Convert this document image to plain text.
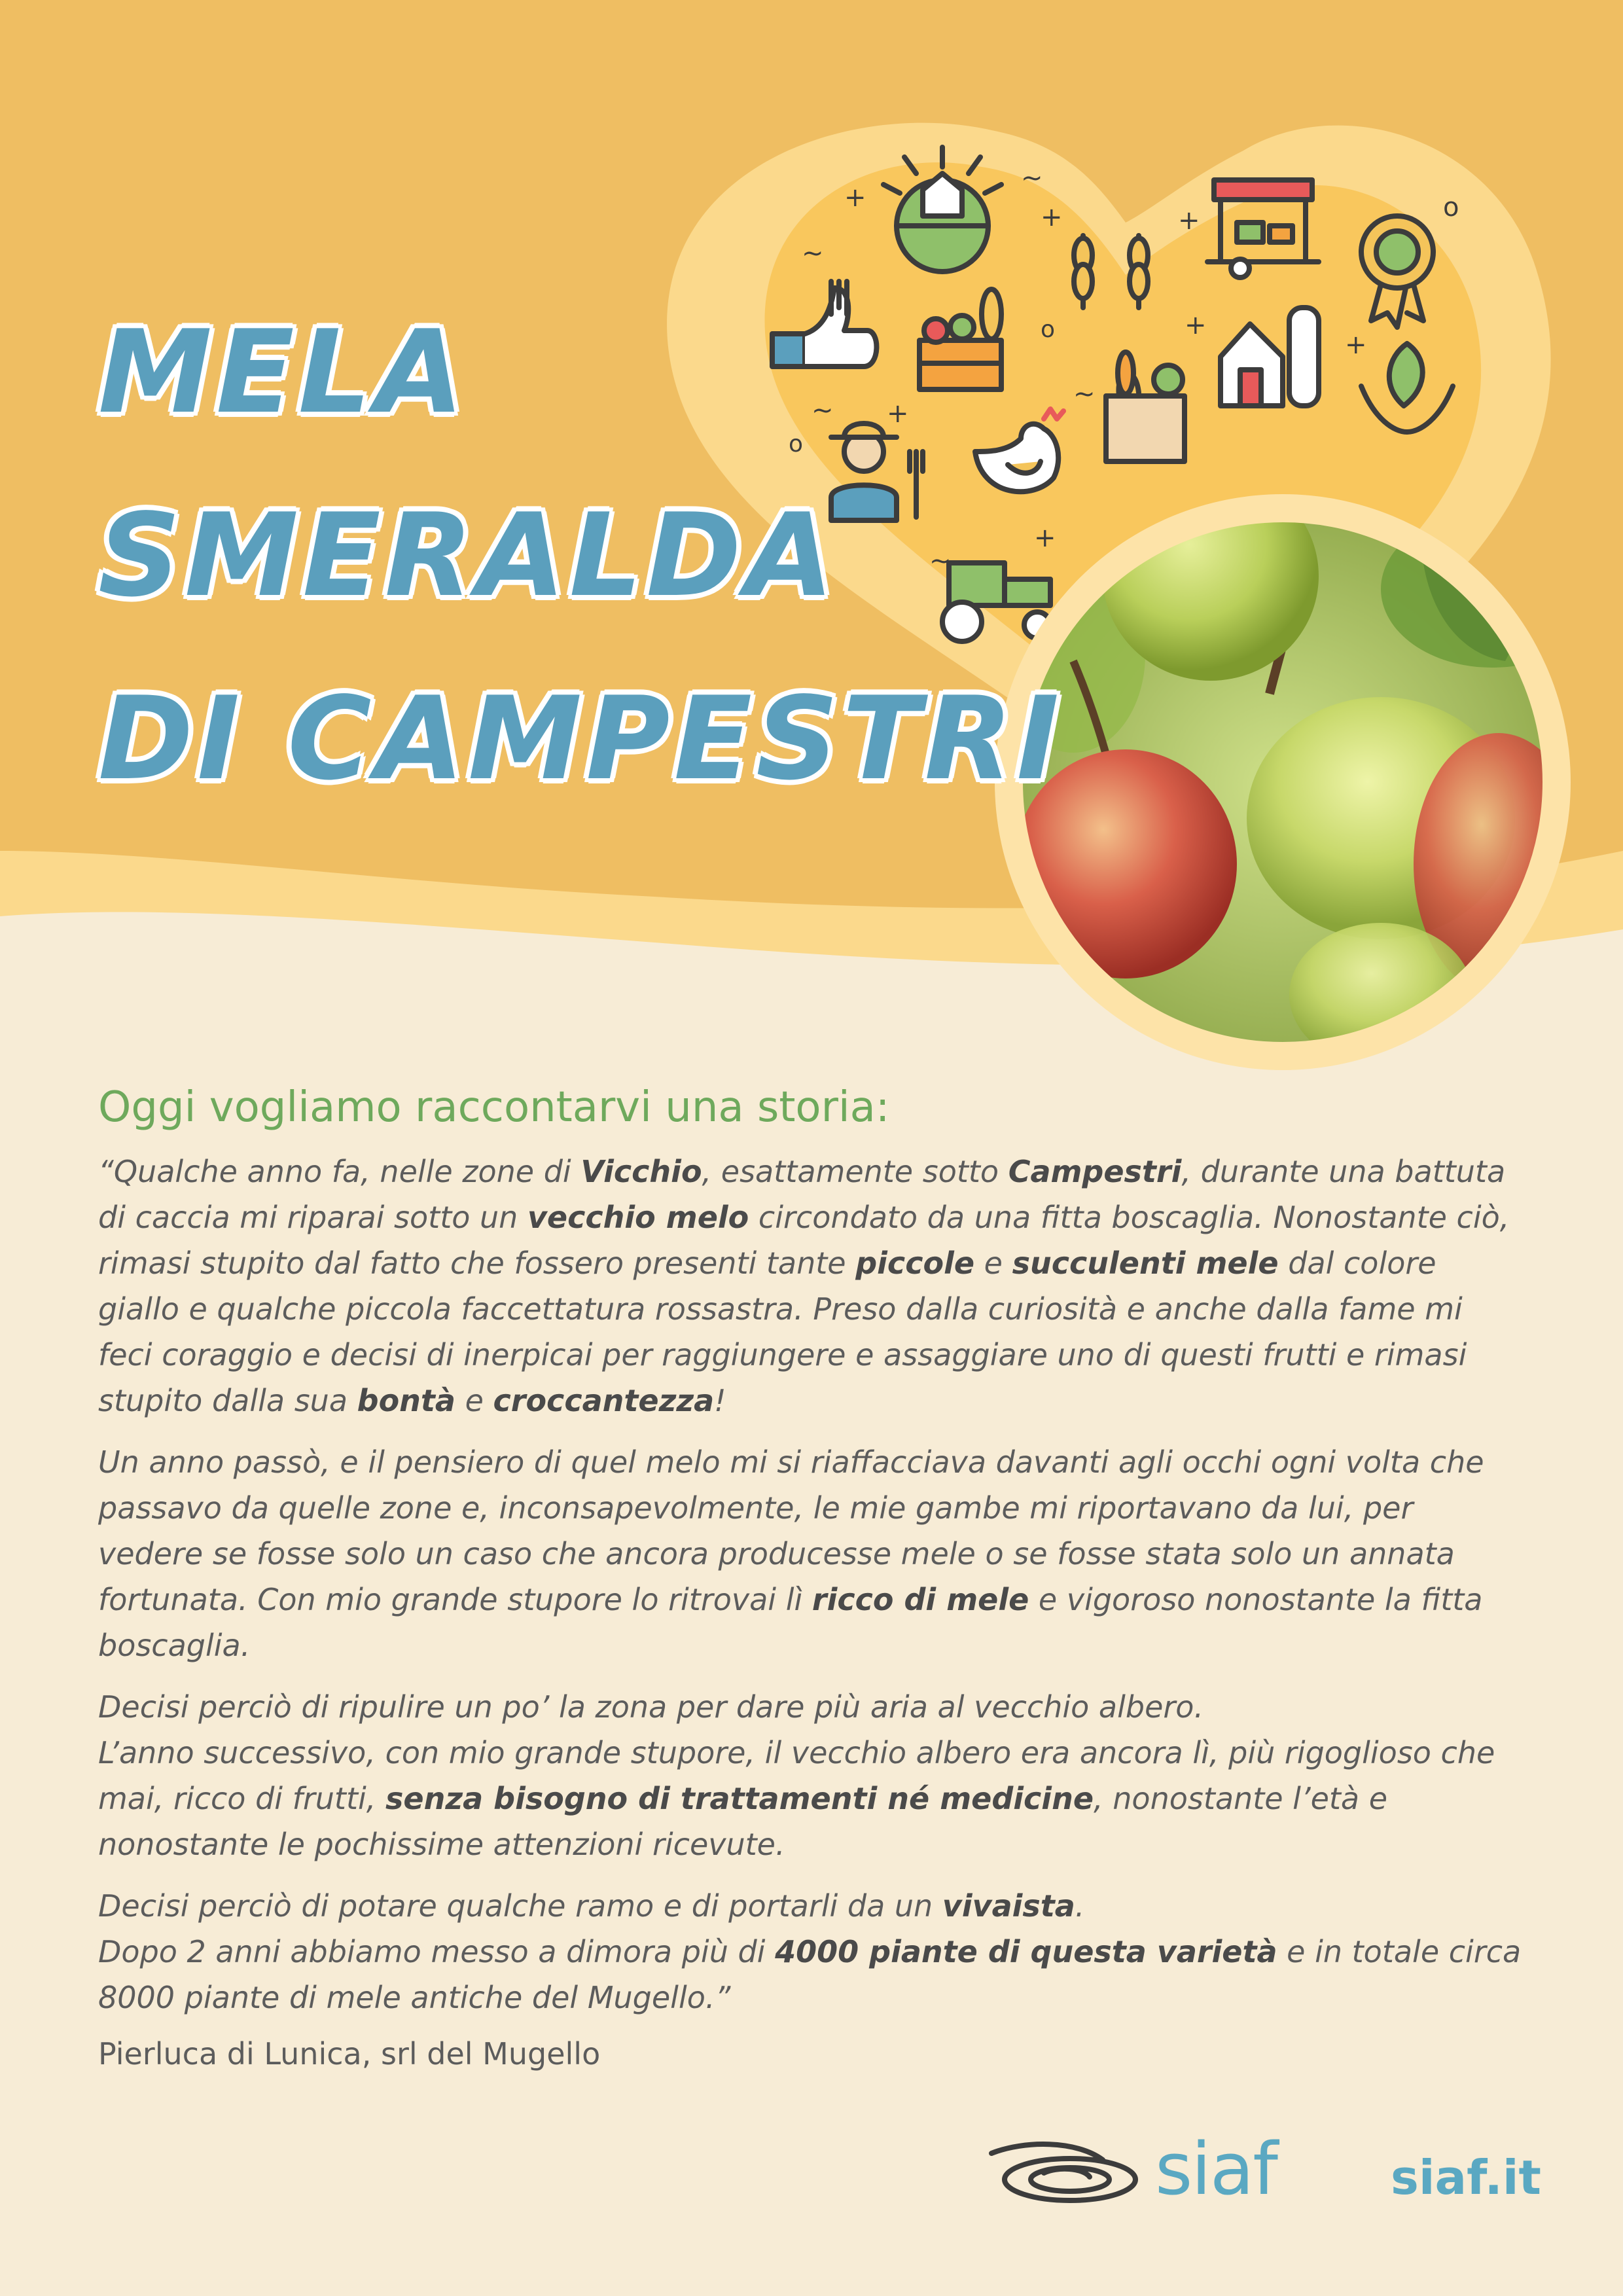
+
+	+
+
+
+
+
~
~
~
~
~
o
o
o
MELA
SMERALDA
DI CAMPESTRI
Oggi vogliamo raccontarvi una storia:

“Qualche anno fa, nelle zone di Vicchio, esattamente sotto Campestri, durante una battuta di caccia mi riparai sotto un vecchio melo circondato da una fitta boscaglia. Nonostante ciò, rimasi stupito dal fatto che fossero presenti tante piccole e succulenti mele dal colore giallo e qualche piccola faccettatura rossastra. Preso dalla curiosità e anche dalla fame mi feci coraggio e decisi di inerpicai per raggiungere e assaggiare uno di questi frutti e rimasi stupito dalla sua bontà e croccantezza!

Un anno passò, e il pensiero di quel melo mi si riaffacciava davanti agli occhi ogni volta che passavo da quelle zone e, inconsapevolmente, le mie gambe mi riportavano da lui, per vedere se fosse solo un caso che ancora producesse mele o se fosse stata solo un annata fortunata. Con mio grande stupore lo ritrovai lì ricco di mele e vigoroso nonostante la fitta boscaglia.

Decisi perciò di ripulire un po’ la zona per dare più aria al vecchio albero.
L’anno successivo, con mio grande stupore, il vecchio albero era ancora lì, più rigoglioso che mai, ricco di frutti, senza bisogno di trattamenti né medicine, nonostante l’età e nonostante le pochissime attenzioni ricevute.

Decisi perciò di potare qualche ramo e di portarli da un vivaista.
Dopo 2 anni abbiamo messo a dimora più di 4000 piante di questa varietà e in totale circa 8000 piante di mele antiche del Mugello.”

Pierluca di Lunica, srl del Mugello
siaf siaf.it
